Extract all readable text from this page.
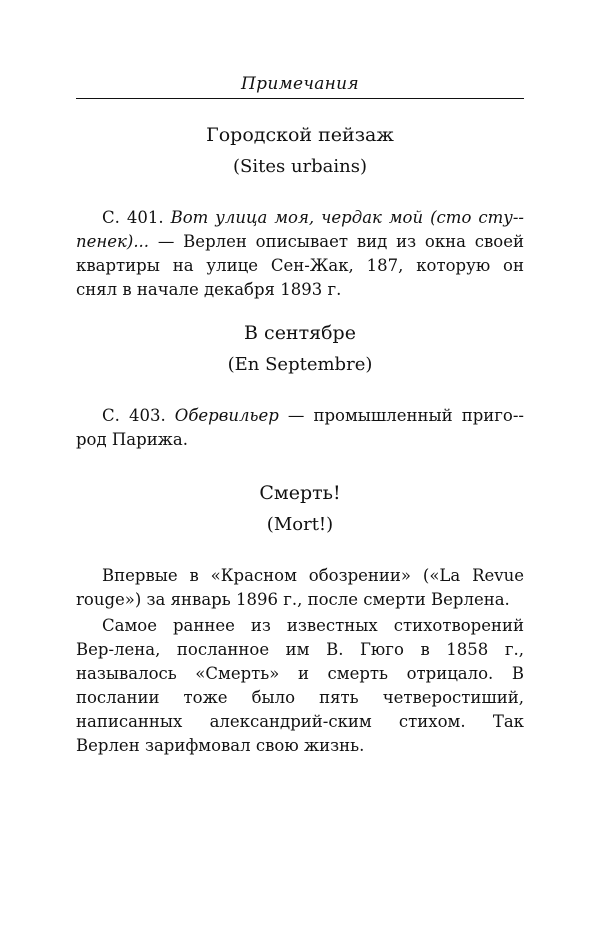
Примечания

Городской пейзаж

(Sites urbains)

С. 401. Вот улица моя, чердак мой (сто сту-пенек)... — Верлен описывает вид из окна своей квартиры на улице Сен-Жак, 187, которую он снял в начале декабря 1893 г.

В сентябре

(En Septembre)

С. 403. Обервильер — промышленный приго-род Парижа.

Смерть!

(Mort!)

Впервые в «Красном обозрении» («La Revue rouge») за январь 1896 г., после смерти Верлена.

Самое раннее из известных стихотворений Вер-лена, посланное им В. Гюго в 1858 г., называлось «Смерть» и смерть отрицало. В послании тоже было пять четверостиший, написанных александрий-ским стихом. Так Верлен зарифмовал свою жизнь.
